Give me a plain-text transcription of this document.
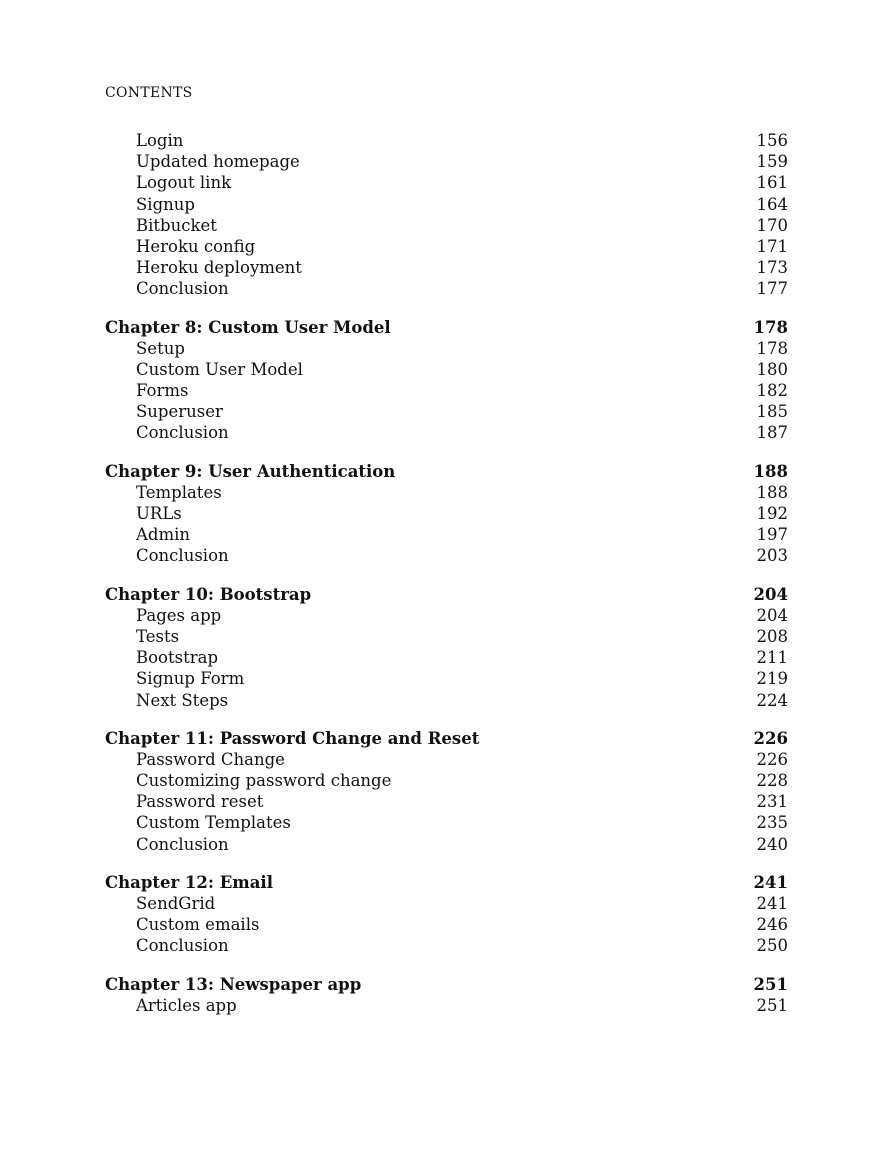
CONTENTS
Login	156
Updated homepage	159
Logout link	161
Signup	164
Bitbucket	170
Heroku config	171
Heroku deployment	173
Conclusion	177
Chapter 8: Custom User Model	178
Setup	178
Custom User Model	180
Forms	182
Superuser	185
Conclusion	187
Chapter 9: User Authentication	188
Templates	188
URLs	192
Admin	197
Conclusion	203
Chapter 10: Bootstrap	204
Pages app	204
Tests	208
Bootstrap	211
Signup Form	219
Next Steps	224
Chapter 11: Password Change and Reset	226
Password Change	226
Customizing password change	228
Password reset	231
Custom Templates	235
Conclusion	240
Chapter 12: Email	241
SendGrid	241
Custom emails	246
Conclusion	250
Chapter 13: Newspaper app	251
Articles app	251
